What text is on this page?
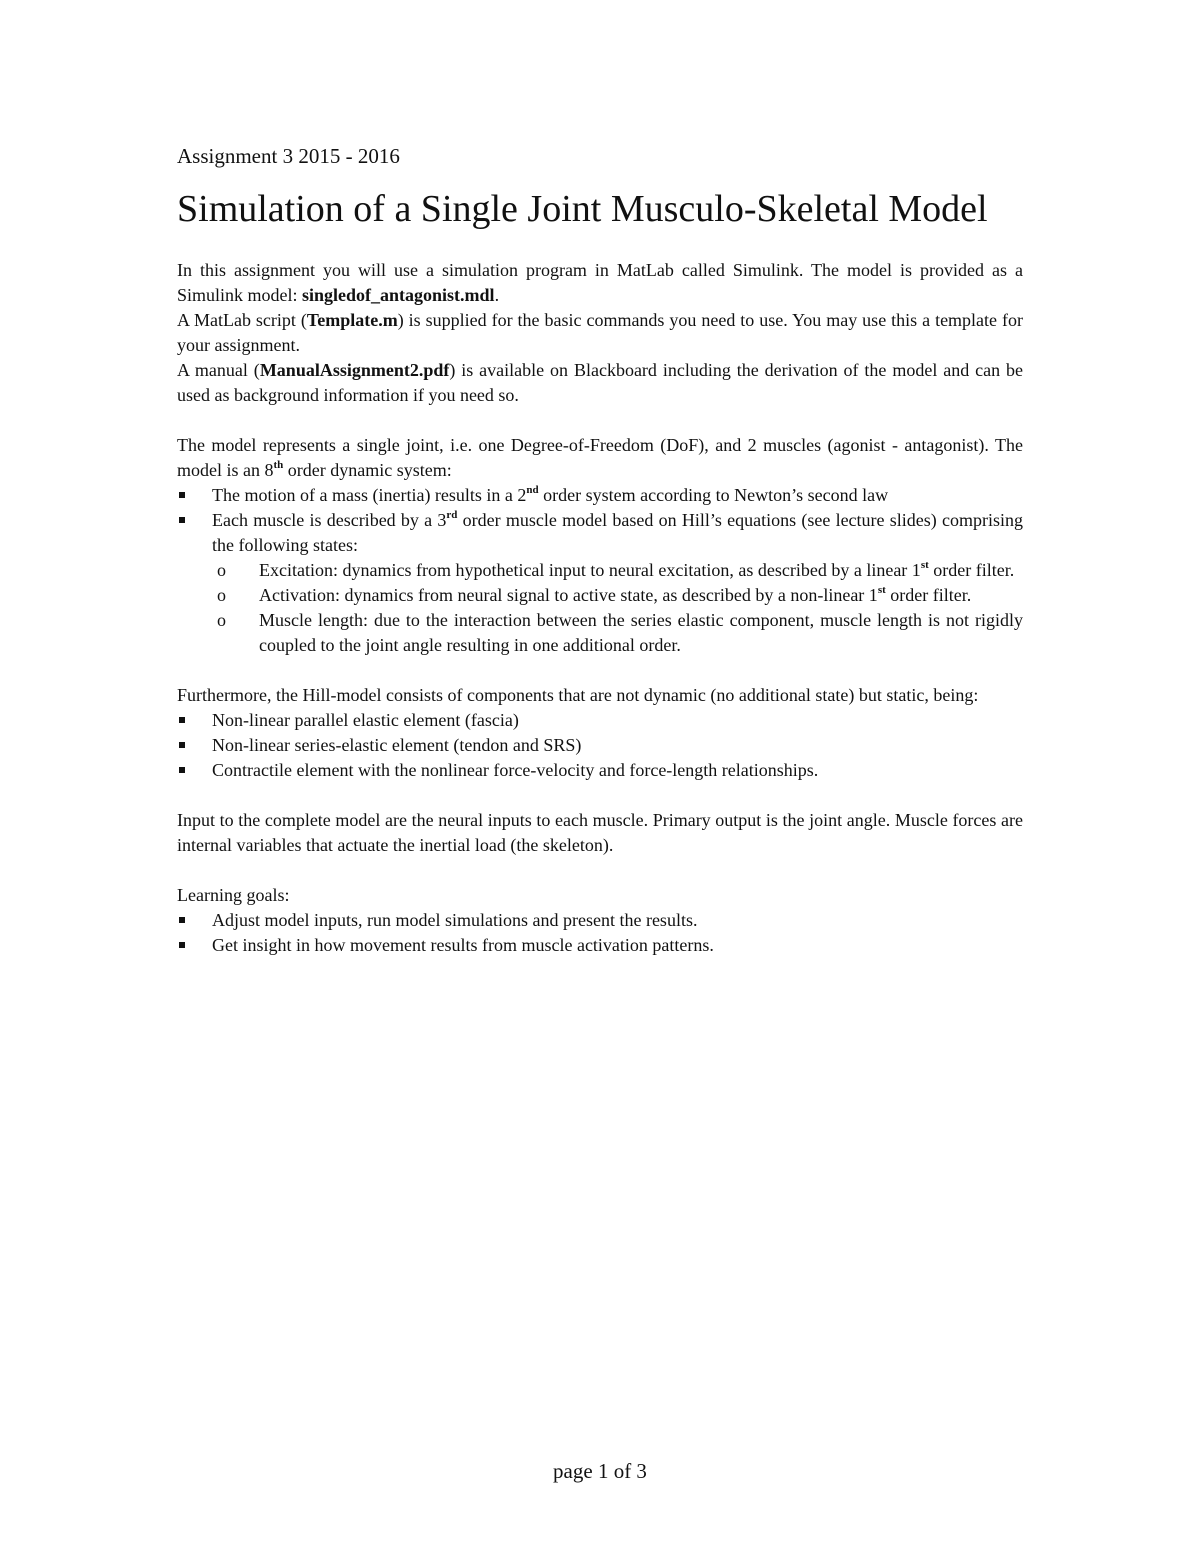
Assignment 3 2015 - 2016

Simulation of a Single Joint Musculo-Skeletal Model

In this assignment you will use a simulation program in MatLab called Simulink. The model is provided as a Simulink model: singledof_antagonist.mdl.

A MatLab script (Template.m) is supplied for the basic commands you need to use. You may use this a template for your assignment.

A manual (ManualAssignment2.pdf) is available on Blackboard including the derivation of the model and can be used as background information if you need so.

The model represents a single joint, i.e. one Degree-of-Freedom (DoF), and 2 muscles (agonist - antagonist). The model is an 8th order dynamic system:

The motion of a mass (inertia) results in a 2nd order system according to Newton’s second law
Each muscle is described by a 3rd order muscle model based on Hill’s equations (see lecture slides) comprising the following states:
o Excitation: dynamics from hypothetical input to neural excitation, as described by a linear 1st order filter.
o Activation: dynamics from neural signal to active state, as described by a non-linear 1st order filter.
o Muscle length: due to the interaction between the series elastic component, muscle length is not rigidly coupled to the joint angle resulting in one additional order.

Furthermore, the Hill-model consists of components that are not dynamic (no additional state) but static, being:

Non-linear parallel elastic element (fascia)
Non-linear series-elastic element (tendon and SRS)
Contractile element with the nonlinear force-velocity and force-length relationships.

Input to the complete model are the neural inputs to each muscle. Primary output is the joint angle. Muscle forces are internal variables that actuate the inertial load (the skeleton).

Learning goals:

Adjust model inputs, run model simulations and present the results.
Get insight in how movement results from muscle activation patterns.
page 1 of 3
